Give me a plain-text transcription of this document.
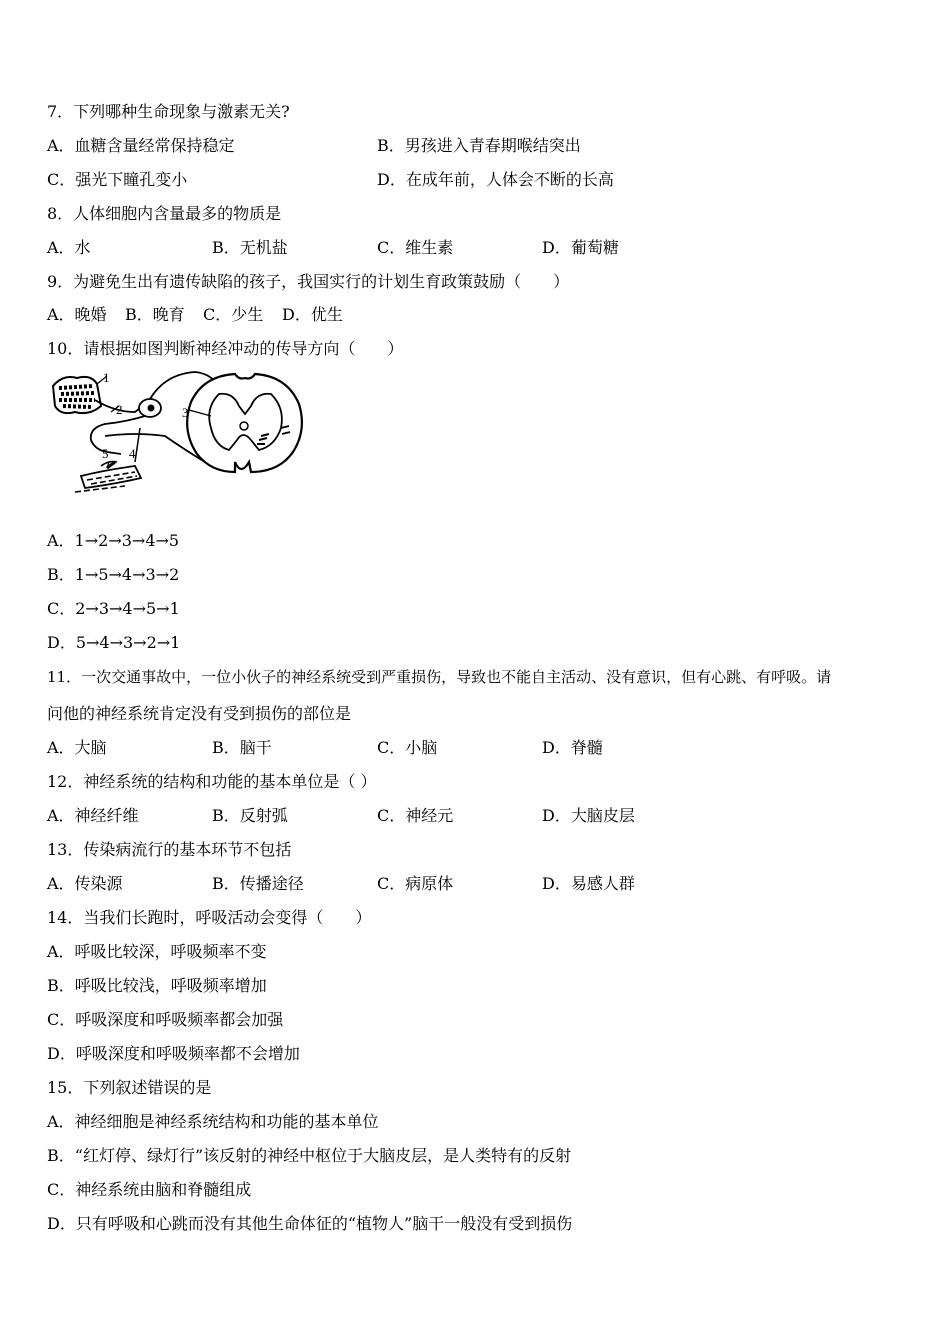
7．下列哪种生命现象与激素无关?
A．血糖含量经常保持稳定	B．男孩进入青春期喉结突出
C．强光下瞳孔变小	D．在成年前，人体会不断的长高
8．人体细胞内含量最多的物质是
A．水	B．无机盐	C．维生素	D．葡萄糖
9．为避免生出有遗传缺陷的孩子，我国实行的计划生育政策鼓励（　　）
A．晚婚 B．晚育 C．少生 D．优生
10．请根据如图判断神经冲动的传导方向（　　）
1
2	3
4
5
A．1→2→3→4→5
B．1→5→4→3→2
C．2→3→4→5→1
D．5→4→3→2→1
11．一次交通事故中，一位小伙子的神经系统受到严重损伤，导致也不能自主活动、没有意识，但有心跳、有呼吸。请
问他的神经系统肯定没有受到损伤的部位是
A．大脑	B．脑干	C．小脑	D．脊髓
12．神经系统的结构和功能的基本单位是（ ）
A．神经纤维	B．反射弧	C．神经元	D．大脑皮层
13．传染病流行的基本环节不包括
A．传染源	B．传播途径	C．病原体	D．易感人群
14．当我们长跑时，呼吸活动会变得（　　）
A．呼吸比较深，呼吸频率不变
B．呼吸比较浅，呼吸频率增加
C．呼吸深度和呼吸频率都会加强
D．呼吸深度和呼吸频率都不会增加
15．下列叙述错误的是
A．神经细胞是神经系统结构和功能的基本单位
B．“红灯停、绿灯行”该反射的神经中枢位于大脑皮层，是人类特有的反射
C．神经系统由脑和脊髓组成
D．只有呼吸和心跳而没有其他生命体征的“植物人”脑干一般没有受到损伤
